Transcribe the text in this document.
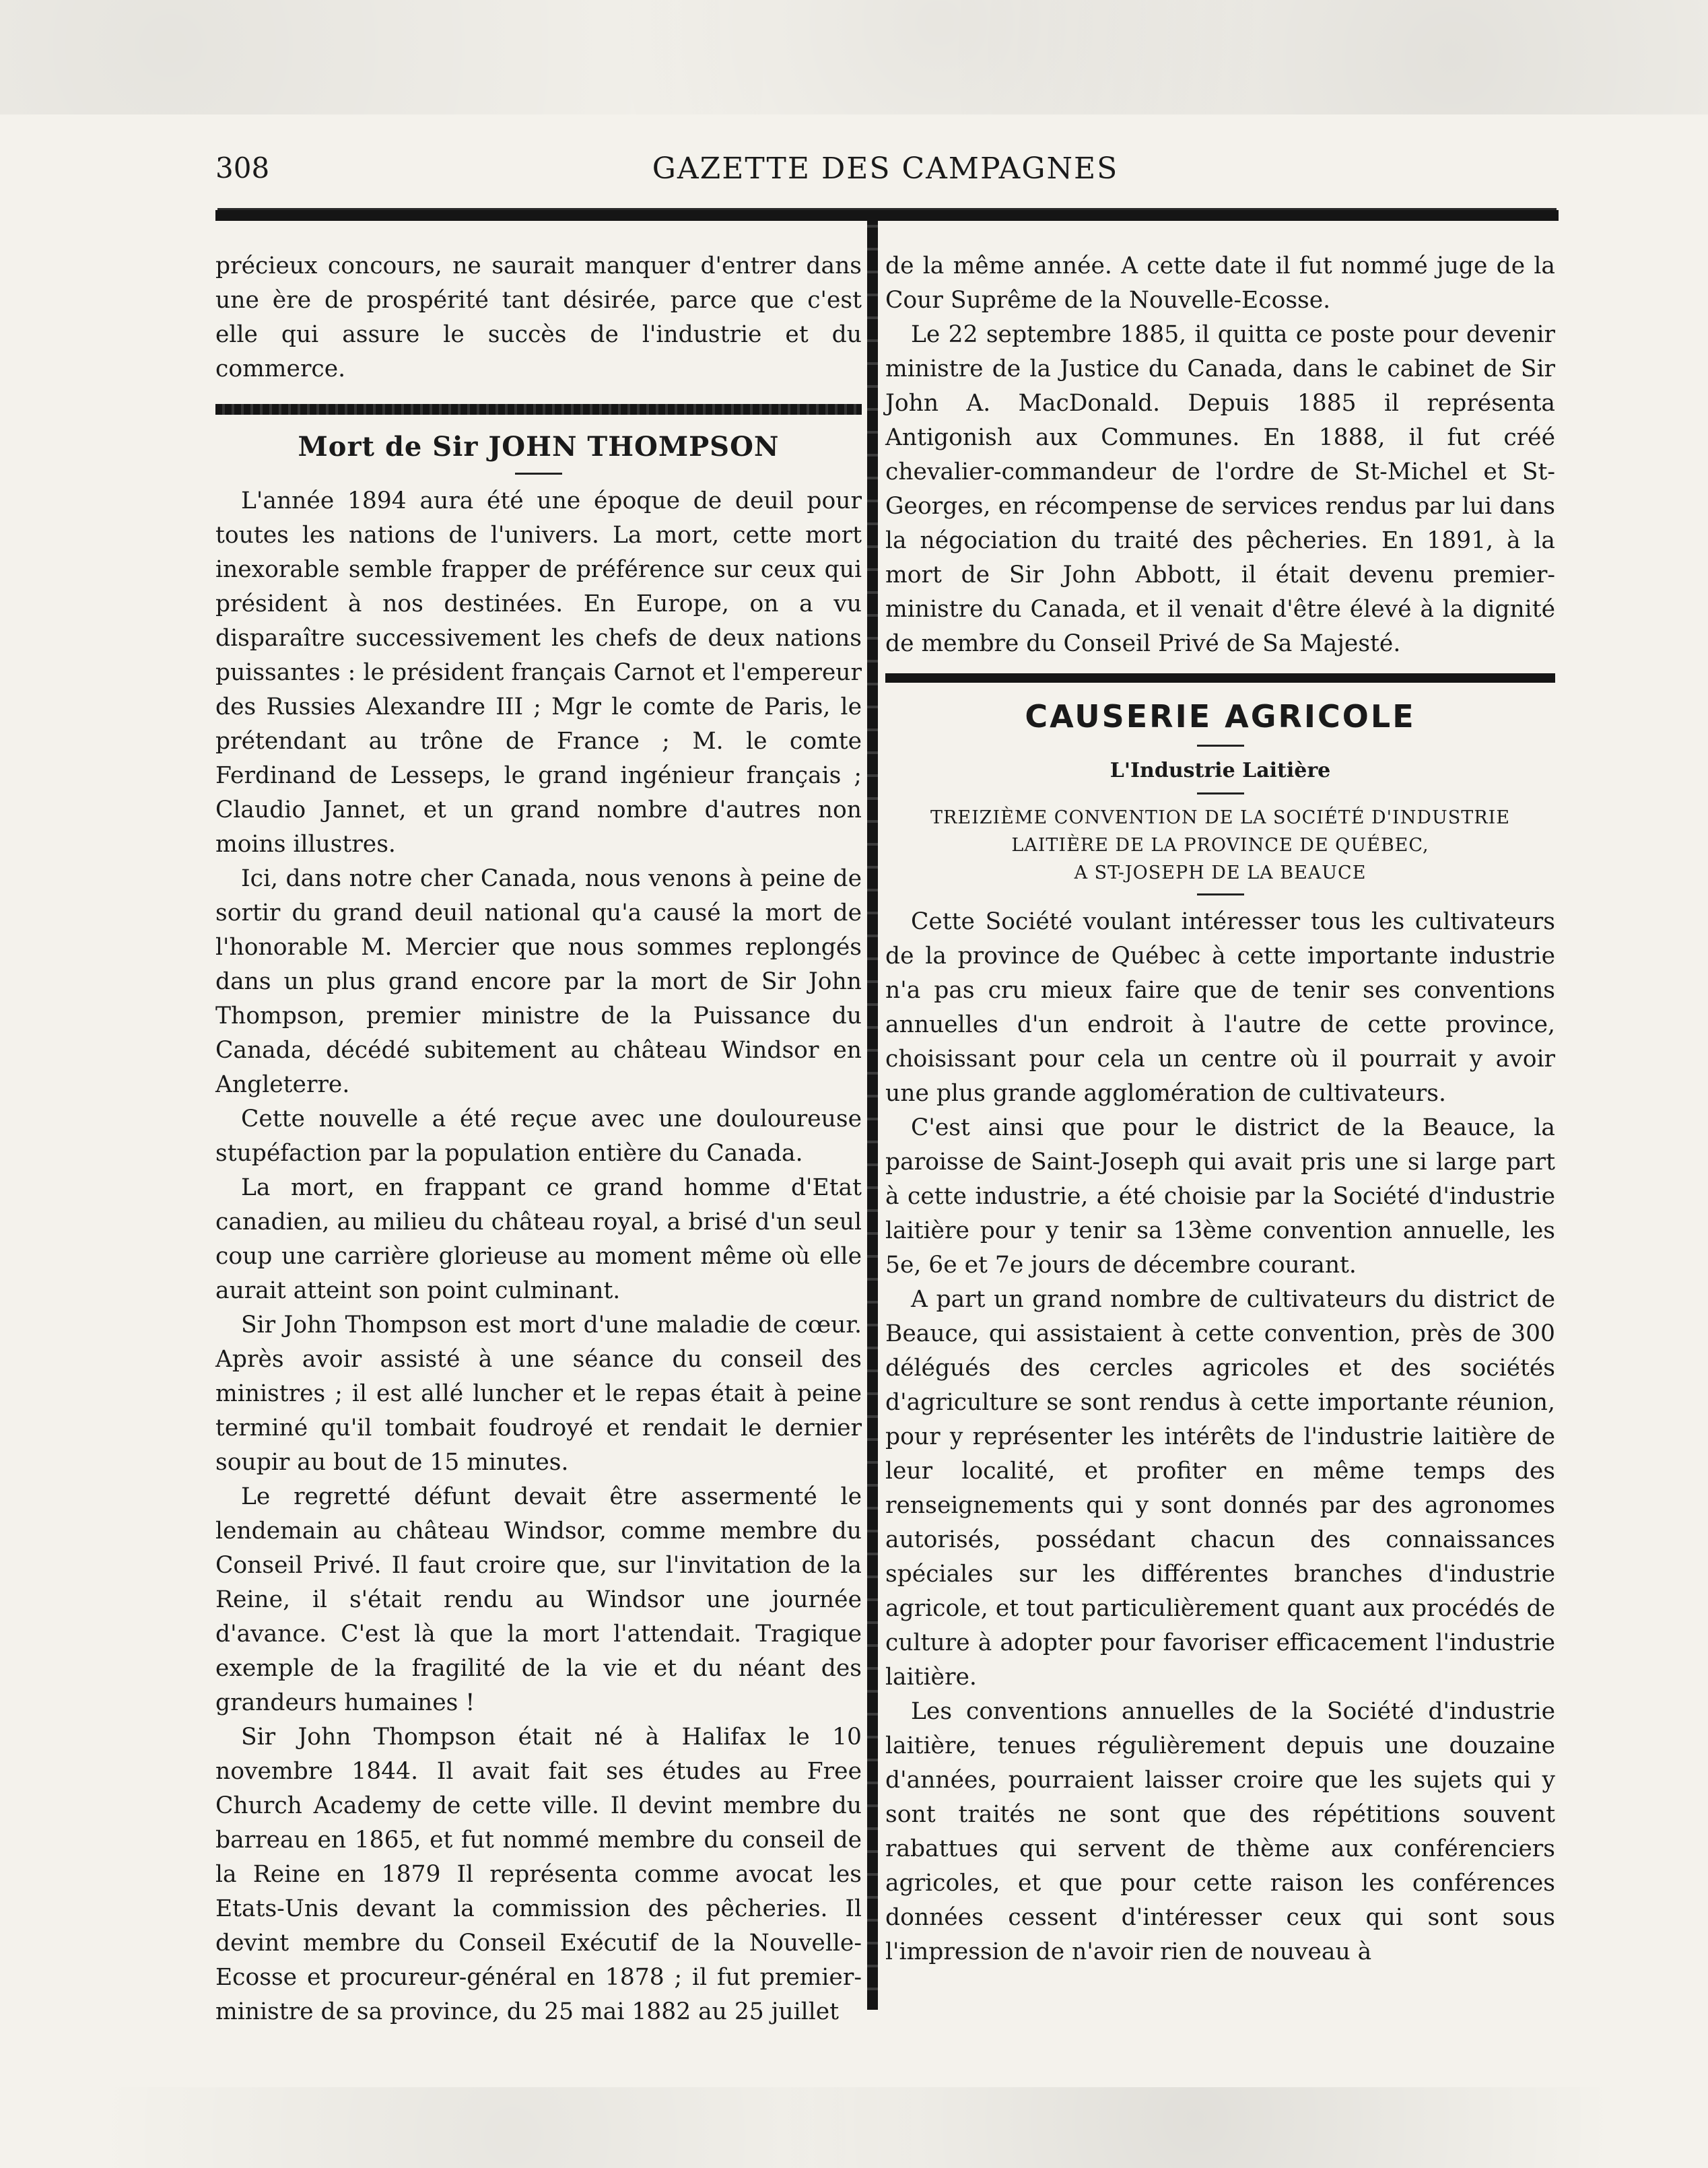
308	GAZETTE DES CAMPAGNES

précieux concours, ne saurait manquer d'entrer dans une ère de prospérité tant désirée, parce que c'est elle qui assure le succès de l'industrie et du commerce.

Mort de Sir JOHN THOMPSON

L'année 1894 aura été une époque de deuil pour toutes les nations de l'univers. La mort, cette mort inexorable semble frapper de préférence sur ceux qui président à nos destinées. En Europe, on a vu disparaître successivement les chefs de deux nations puissantes : le président français Carnot et l'empereur des Russies Alexandre III ; Mgr le comte de Paris, le prétendant au trône de France ; M. le comte Ferdinand de Lesseps, le grand ingénieur français ; Claudio Jannet, et un grand nombre d'autres non moins illustres.

Ici, dans notre cher Canada, nous venons à peine de sortir du grand deuil national qu'a causé la mort de l'honorable M. Mercier que nous sommes replongés dans un plus grand encore par la mort de Sir John Thompson, premier ministre de la Puissance du Canada, décédé subitement au château Windsor en Angleterre.

Cette nouvelle a été reçue avec une douloureuse stupéfaction par la population entière du Canada.

La mort, en frappant ce grand homme d'Etat canadien, au milieu du château royal, a brisé d'un seul coup une carrière glorieuse au moment même où elle aurait atteint son point culminant.

Sir John Thompson est mort d'une maladie de cœur. Après avoir assisté à une séance du conseil des ministres ; il est allé luncher et le repas était à peine terminé qu'il tombait foudroyé et rendait le dernier soupir au bout de 15 minutes.

Le regretté défunt devait être assermenté le lendemain au château Windsor, comme membre du Conseil Privé. Il faut croire que, sur l'invitation de la Reine, il s'était rendu au Windsor une journée d'avance. C'est là que la mort l'attendait. Tragique exemple de la fragilité de la vie et du néant des grandeurs humaines !

Sir John Thompson était né à Halifax le 10 novembre 1844. Il avait fait ses études au Free Church Academy de cette ville. Il devint membre du barreau en 1865, et fut nommé membre du conseil de la Reine en 1879 Il représenta comme avocat les Etats-Unis devant la commission des pêcheries. Il devint membre du Conseil Exécutif de la Nouvelle-Ecosse et procureur-général en 1878 ; il fut premier-ministre de sa province, du 25 mai 1882 au 25 juillet

de la même année. A cette date il fut nommé juge de la Cour Suprême de la Nouvelle-Ecosse.

Le 22 septembre 1885, il quitta ce poste pour devenir ministre de la Justice du Canada, dans le cabinet de Sir John A. MacDonald. Depuis 1885 il représenta Antigonish aux Communes. En 1888, il fut créé chevalier-commandeur de l'ordre de St-Michel et St-Georges, en récompense de services rendus par lui dans la négociation du traité des pêcheries. En 1891, à la mort de Sir John Abbott, il était devenu premier-ministre du Canada, et il venait d'être élevé à la dignité de membre du Conseil Privé de Sa Majesté.

CAUSERIE AGRICOLE
L'Industrie Laitière
TREIZIÈME CONVENTION DE LA SOCIÉTÉ D'INDUSTRIE
LAITIÈRE DE LA PROVINCE DE QUÉBEC,
A ST-JOSEPH DE LA BEAUCE

Cette Société voulant intéresser tous les cultivateurs de la province de Québec à cette importante industrie n'a pas cru mieux faire que de tenir ses conventions annuelles d'un endroit à l'autre de cette province, choisissant pour cela un centre où il pourrait y avoir une plus grande agglomération de cultivateurs.

C'est ainsi que pour le district de la Beauce, la paroisse de Saint-Joseph qui avait pris une si large part à cette industrie, a été choisie par la Société d'industrie laitière pour y tenir sa 13ème convention annuelle, les 5e, 6e et 7e jours de décembre courant.

A part un grand nombre de cultivateurs du district de Beauce, qui assistaient à cette convention, près de 300 délégués des cercles agricoles et des sociétés d'agriculture se sont rendus à cette importante réunion, pour y représenter les intérêts de l'industrie laitière de leur localité, et profiter en même temps des renseignements qui y sont donnés par des agronomes autorisés, possédant chacun des connaissances spéciales sur les différentes branches d'industrie agricole, et tout particulièrement quant aux procédés de culture à adopter pour favoriser efficacement l'industrie laitière.

Les conventions annuelles de la Société d'industrie laitière, tenues régulièrement depuis une douzaine d'années, pourraient laisser croire que les sujets qui y sont traités ne sont que des répétitions souvent rabattues qui servent de thème aux conférenciers agricoles, et que pour cette raison les conférences données cessent d'intéresser ceux qui sont sous l'impression de n'avoir rien de nouveau à
